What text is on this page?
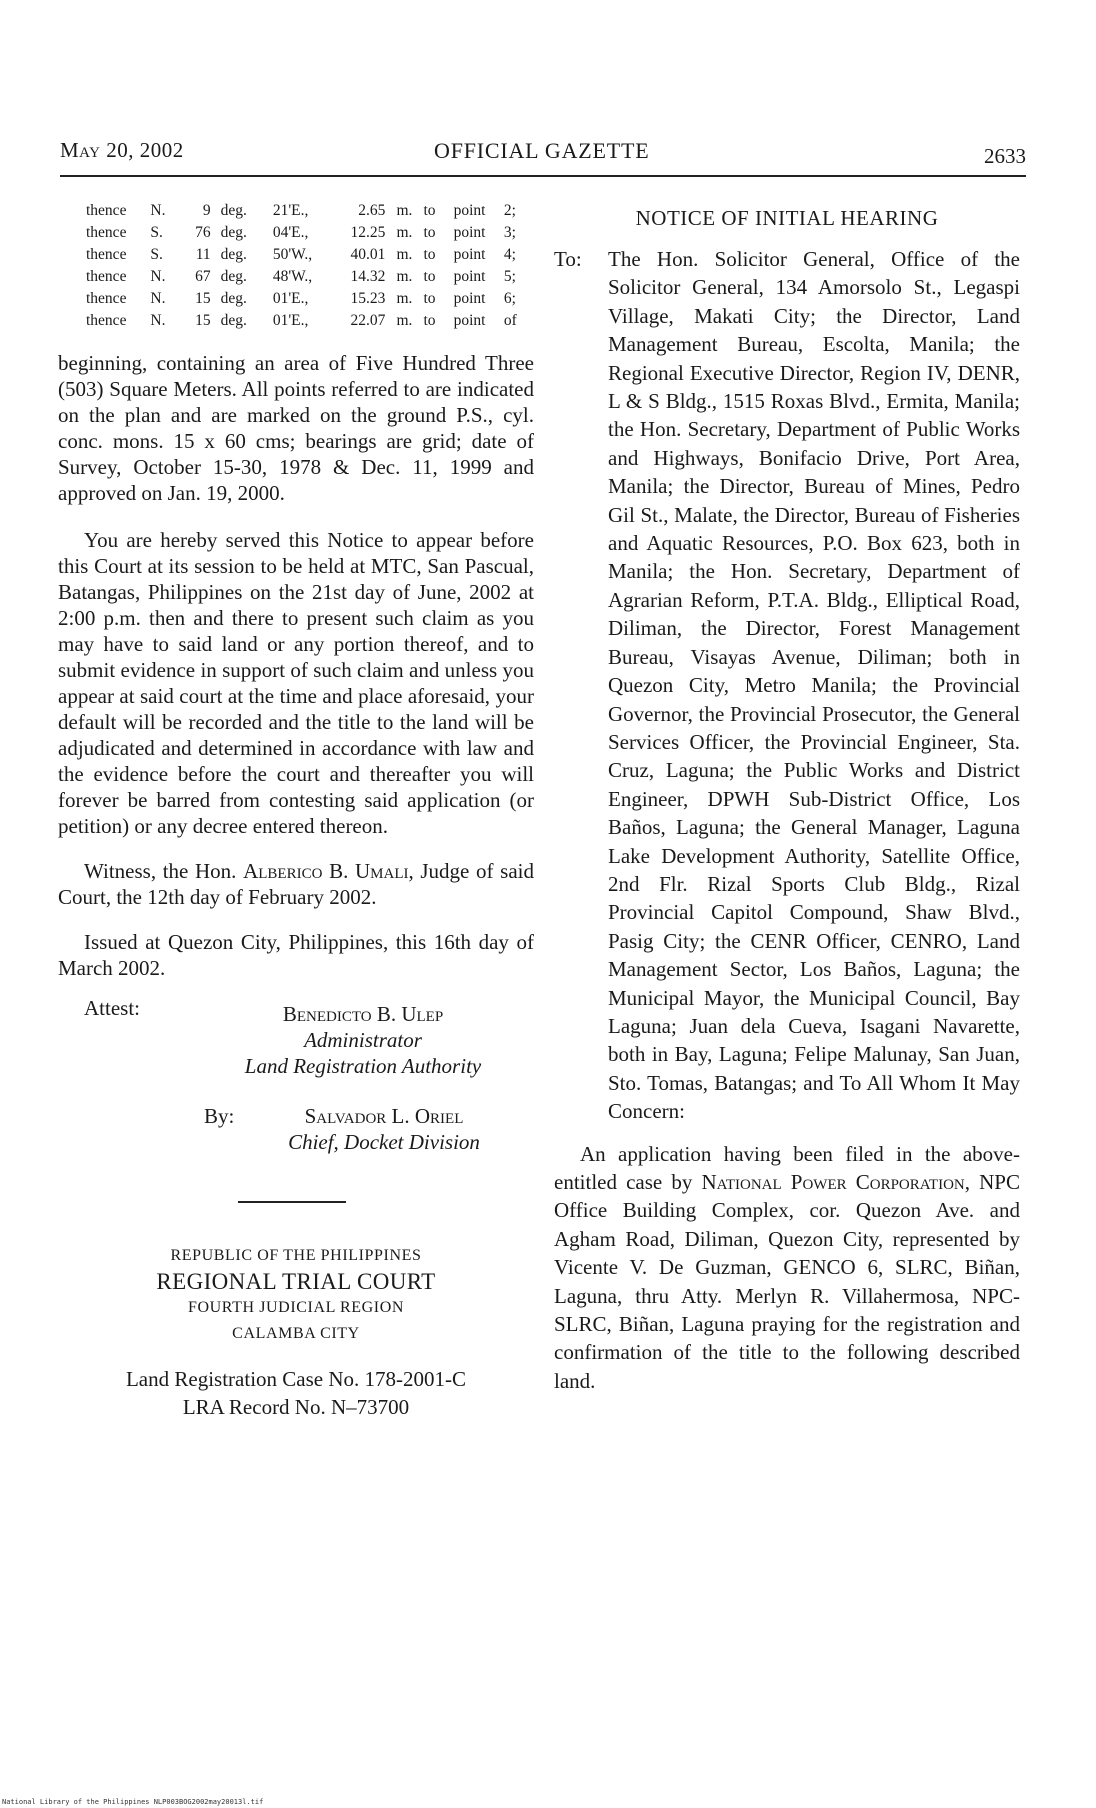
May 20, 2002	OFFICIAL GAZETTE	2633
thence	N.	9	deg.	21'E.,	2.65	m.	to	point	2;
thence	S.	76	deg.	04'E.,	12.25	m.	to	point	3;
thence	S.	11	deg.	50'W.,	40.01	m.	to	point	4;
thence	N.	67	deg.	48'W.,	14.32	m.	to	point	5;
thence	N.	15	deg.	01'E.,	15.23	m.	to	point	6;
thence	N.	15	deg.	01'E.,	22.07	m.	to	point	of

beginning, containing an area of Five Hundred Three (503) Square Meters. All points referred to are indicated on the plan and are marked on the ground P.S., cyl. conc. mons. 15 x 60 cms; bearings are grid; date of Survey, October 15-30, 1978 & Dec. 11, 1999 and approved on Jan. 19, 2000.

You are hereby served this Notice to appear before this Court at its session to be held at MTC, San Pascual, Batangas, Philippines on the 21st day of June, 2002 at 2:00 p.m. then and there to present such claim as you may have to said land or any portion thereof, and to submit evidence in support of such claim and unless you appear at said court at the time and place aforesaid, your default will be recorded and the title to the land will be adjudicated and determined in accordance with law and the evidence before the court and thereafter you will forever be barred from contesting said application (or petition) or any decree entered thereon.

Witness, the Hon. Alberico B. Umali, Judge of said Court, the 12th day of February 2002.

Issued at Quezon City, Philippines, this 16th day of March 2002.

Attest:	Benedicto B. Ulep
Administrator
Land Registration Authority
By:	Salvador L. Oriel
Chief, Docket Division
REPUBLIC OF THE PHILIPPINES
REGIONAL TRIAL COURT
FOURTH JUDICIAL REGION
CALAMBA CITY
Land Registration Case No. 178-2001-C
LRA Record No. N–73700
NOTICE OF INITIAL HEARING
To: The Hon. Solicitor General, Office of the Solicitor General, 134 Amorsolo St., Legaspi Village, Makati City; the Director, Land Management Bureau, Escolta, Manila; the Regional Executive Director, Region IV, DENR, L & S Bldg., 1515 Roxas Blvd., Ermita, Manila; the Hon. Secretary, Department of Public Works and Highways, Bonifacio Drive, Port Area, Manila; the Director, Bureau of Mines, Pedro Gil St., Malate, the Director, Bureau of Fisheries and Aquatic Resources, P.O. Box 623, both in Manila; the Hon. Secretary, Department of Agrarian Reform, P.T.A. Bldg., Elliptical Road, Diliman, the Director, Forest Management Bureau, Visayas Avenue, Diliman; both in Quezon City, Metro Manila; the Provincial Governor, the Provincial Prosecutor, the General Services Officer, the Provincial Engineer, Sta. Cruz, Laguna; the Public Works and District Engineer, DPWH Sub-District Office, Los Baños, Laguna; the General Manager, Laguna Lake Development Authority, Satellite Office, 2nd Flr. Rizal Sports Club Bldg., Rizal Provincial Capitol Compound, Shaw Blvd., Pasig City; the CENR Officer, CENRO, Land Management Sector, Los Baños, Laguna; the Municipal Mayor, the Municipal Council, Bay Laguna; Juan dela Cueva, Isagani Navarette, both in Bay, Laguna; Felipe Malunay, San Juan, Sto. Tomas, Batangas; and To All Whom It May Concern:

An application having been filed in the above-entitled case by National Power Corporation, NPC Office Building Complex, cor. Quezon Ave. and Agham Road, Diliman, Quezon City, represented by Vicente V. De Guzman, GENCO 6, SLRC, Biñan, Laguna, thru Atty. Merlyn R. Villahermosa, NPC-SLRC, Biñan, Laguna praying for the registration and confirmation of the title to the following described land.

National Library of the Philippines NLP003BOG2002may20013l.tif
